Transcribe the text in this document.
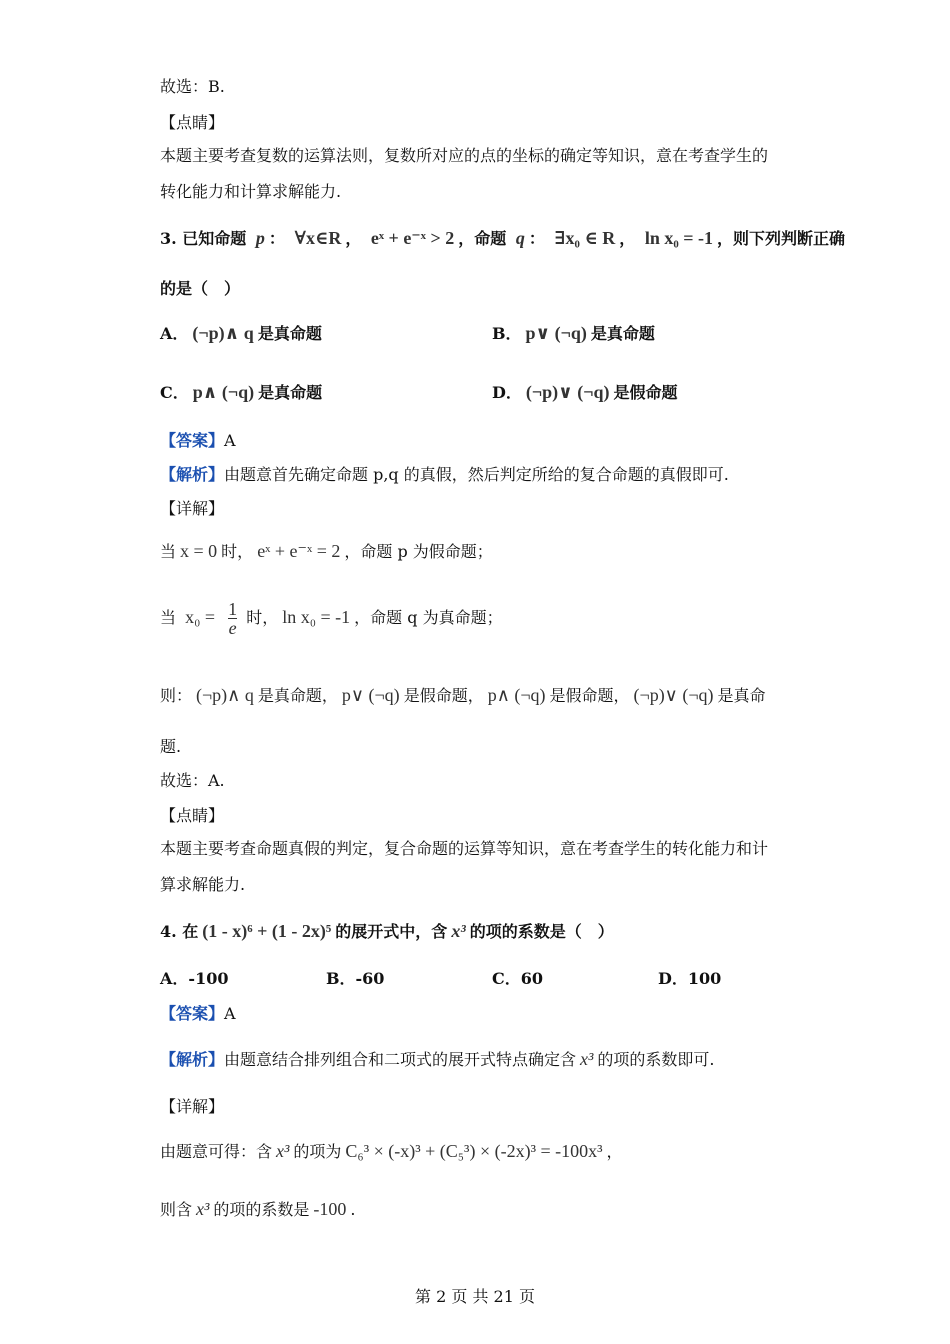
故选：B.
【点睛】
本题主要考查复数的运算法则，复数所对应的点的坐标的确定等知识，意在考查学生的
转化能力和计算求解能力.
3. 已知命题 p ： ∀x∈R ， eˣ + e⁻ˣ > 2 ，命题 q ： ∃x₀ ∈ R ， ln x₀ = -1 ，则下列判断正确
的是（　）
A． (¬p)∧ q 是真命题	B． p∨ (¬q) 是真命题
C． p∧ (¬q) 是真命题	D． (¬p)∨ (¬q) 是假命题
【答案】A
【解析】由题意首先确定命题 p,q 的真假，然后判定所给的复合命题的真假即可.
【详解】
当 x = 0 时， eˣ + e⁻ˣ = 2 ，命题 p 为假命题；
当 $x_0 = \frac{1}{e}$ 时， ln x₀ = -1 ，命题 q 为真命题；
则： (¬p)∧ q 是真命题， p∨ (¬q) 是假命题， p∧ (¬q) 是假命题， (¬p)∨ (¬q) 是真命
题.
故选：A.
【点睛】
本题主要考查命题真假的判定，复合命题的运算等知识，意在考查学生的转化能力和计
算求解能力.
4. 在 (1 - x)⁶ + (1 - 2x)⁵ 的展开式中，含 x³ 的项的系数是（　）
A．-100	B．-60	C．60	D．100
【答案】A
【解析】由题意结合排列组合和二项式的展开式特点确定含 x³ 的项的系数即可.
【详解】
由题意可得：含 x³ 的项为 C₆³ × (-x)³ + (C₅³) × (-2x)³ = -100x³ ，
则含 x³ 的项的系数是 -100 .
第 2 页 共 21 页
